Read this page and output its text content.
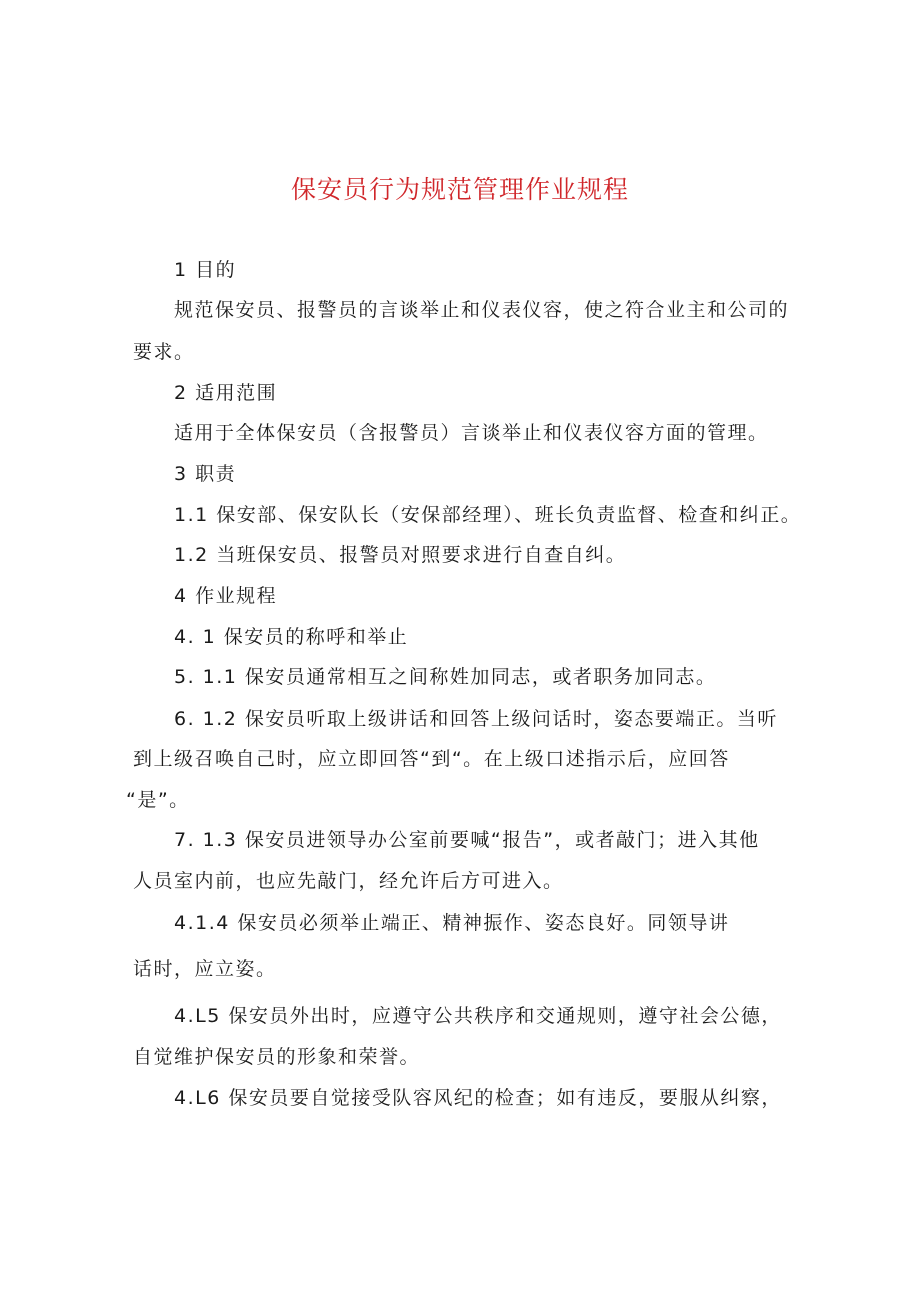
保安员行为规范管理作业规程
1 目的
规范保安员、报警员的言谈举止和仪表仪容，使之符合业主和公司的
要求。
2 适用范围
适用于全体保安员（含报警员）言谈举止和仪表仪容方面的管理。
3 职责
1.1 保安部、保安队长（安保部经理）、班长负责监督、检查和纠正。
1.2 当班保安员、报警员对照要求进行自查自纠。
4 作业规程
4. 1 保安员的称呼和举止
5. 1.1 保安员通常相互之间称姓加同志，或者职务加同志。
6. 1.2 保安员听取上级讲话和回答上级问话时，姿态要端正。当听
到上级召唤自己时，应立即回答“到“。在上级口述指示后，应回答
“是”。
7. 1.3 保安员进领导办公室前要喊“报告”，或者敲门；进入其他
人员室内前，也应先敲门，经允许后方可进入。
4.1.4 保安员必须举止端正、精神振作、姿态良好。同领导讲
话时，应立姿。
4.L5 保安员外出时，应遵守公共秩序和交通规则，遵守社会公德，
自觉维护保安员的形象和荣誉。
4.L6 保安员要自觉接受队容风纪的检查；如有违反，要服从纠察，
